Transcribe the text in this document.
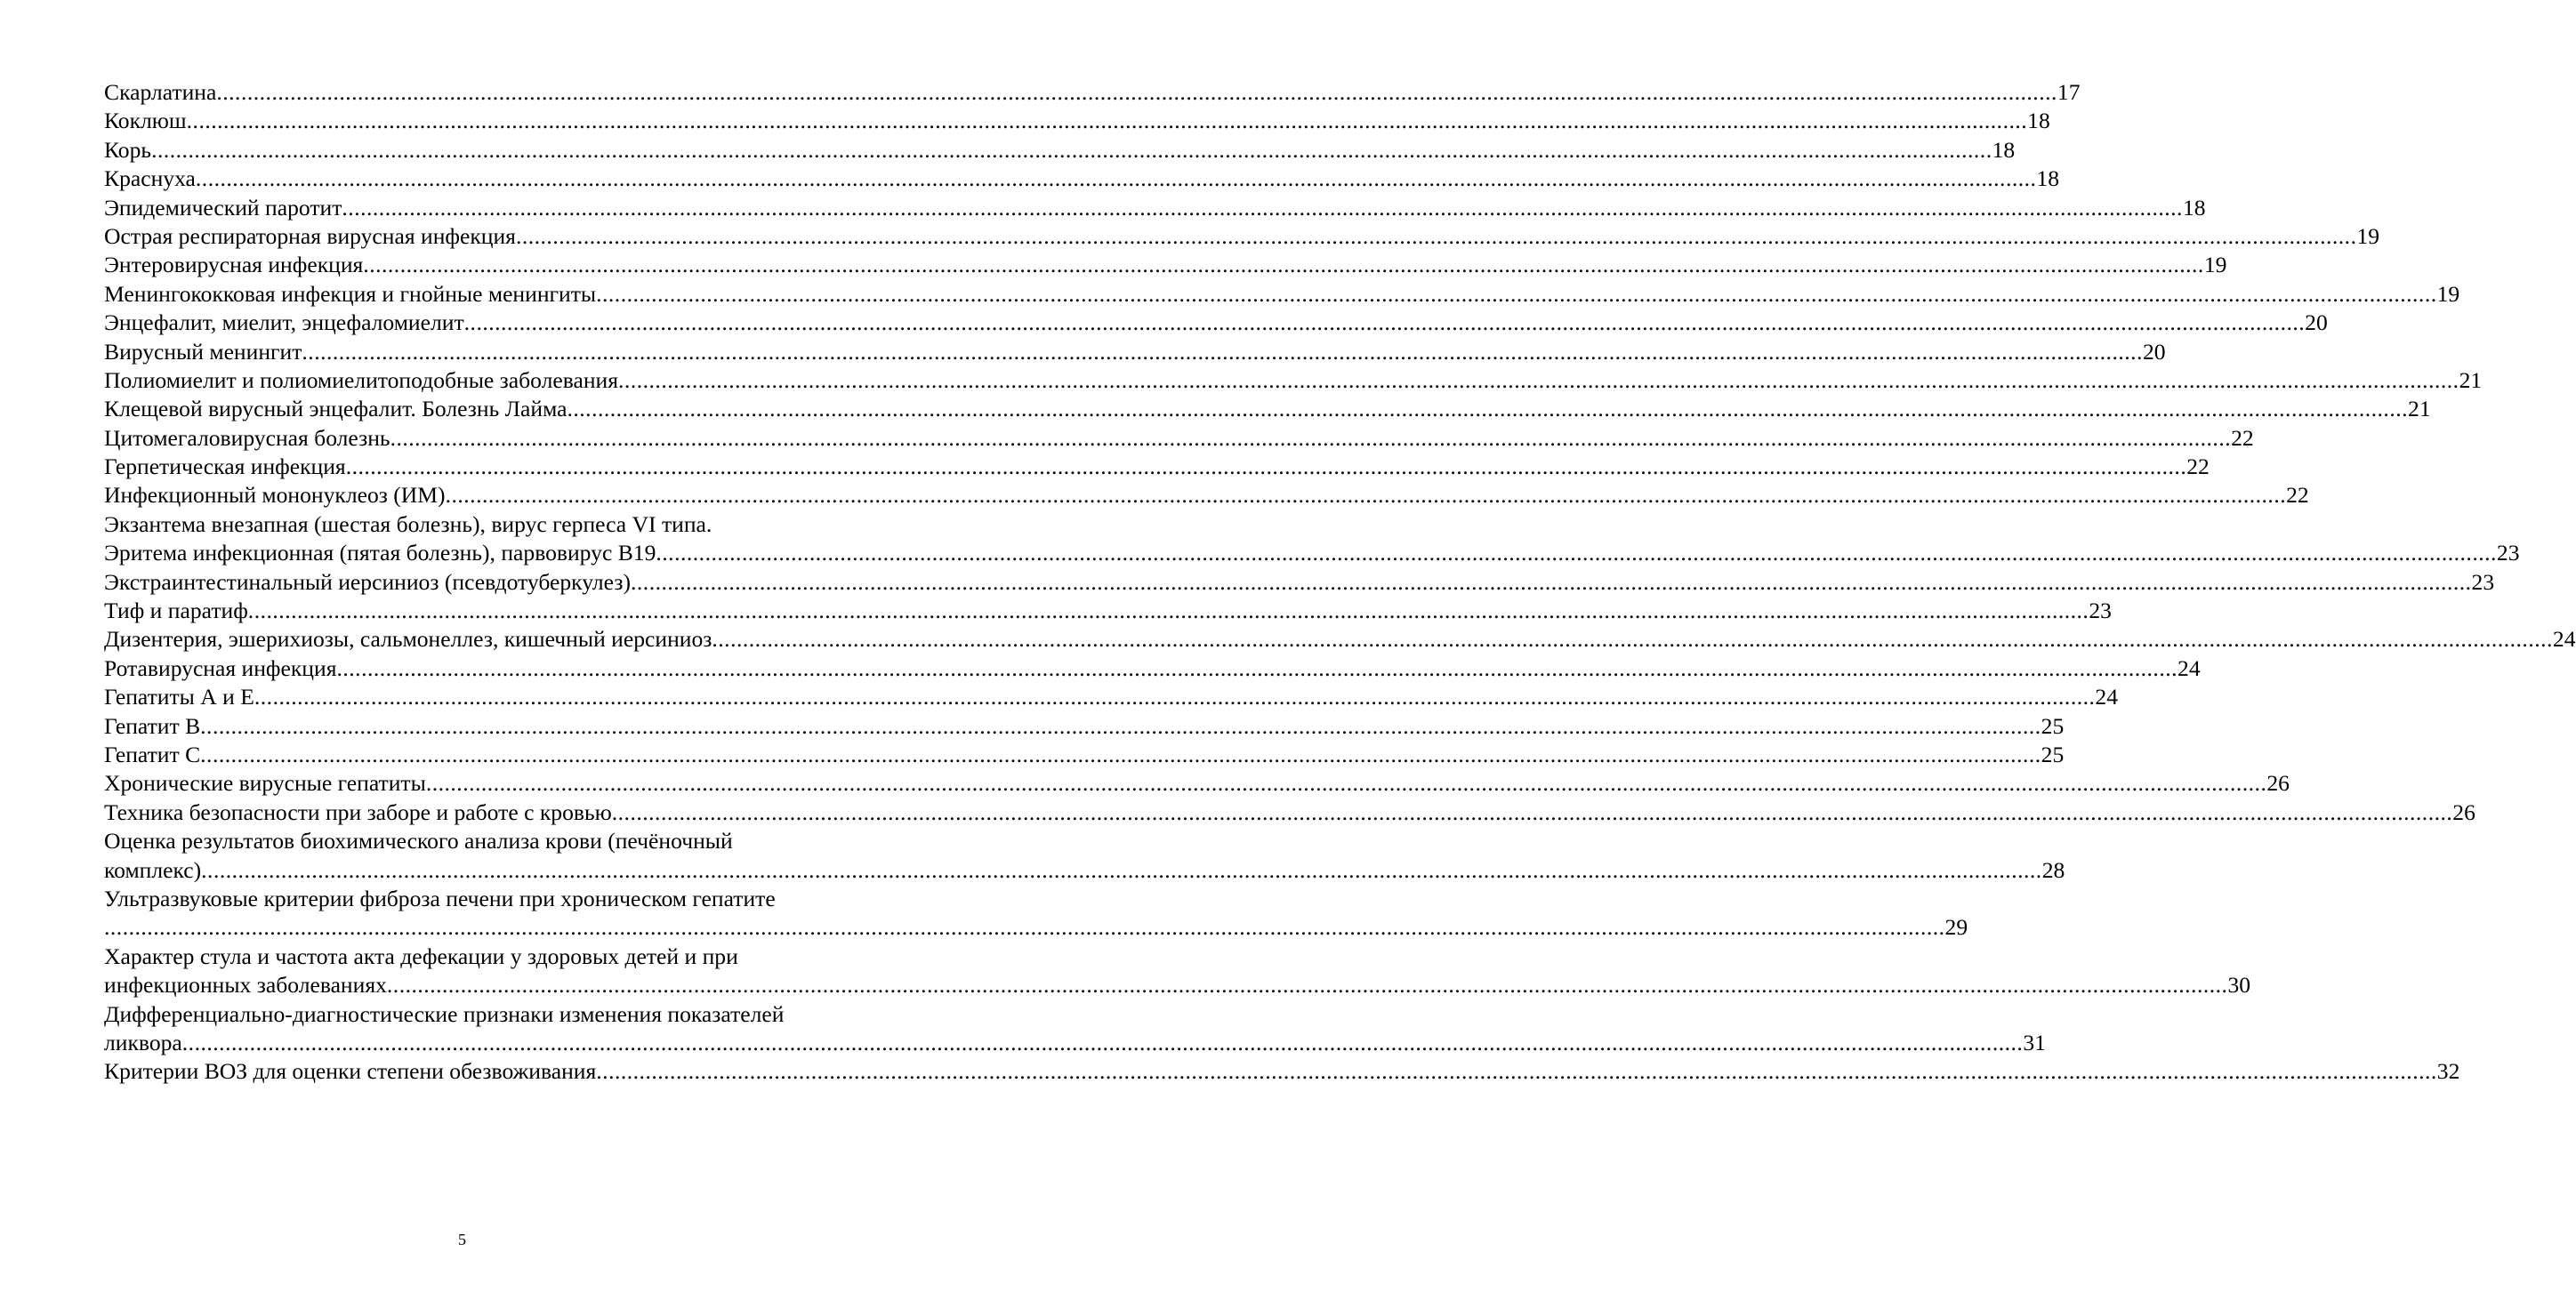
Скарлатина ............................................................................................................................................................................................................................................................................................................ 17
Коклюш ............................................................................................................................................................................................................................................................................................................ 18
Корь ............................................................................................................................................................................................................................................................................................................ 18
Краснуха ............................................................................................................................................................................................................................................................................................................ 18
Эпидемический паротит ............................................................................................................................................................................................................................................................................................................ 18
Острая респираторная вирусная инфекция ............................................................................................................................................................................................................................................................................................................ 19
Энтеровирусная инфекция ............................................................................................................................................................................................................................................................................................................ 19
Менингококковая инфекция и гнойные менингиты ............................................................................................................................................................................................................................................................................................................ 19
Энцефалит, миелит, энцефаломиелит ............................................................................................................................................................................................................................................................................................................ 20
Вирусный менингит ............................................................................................................................................................................................................................................................................................................ 20
Полиомиелит и полиомиелитоподобные заболевания ............................................................................................................................................................................................................................................................................................................ 21
Клещевой вирусный энцефалит. Болезнь Лайма ............................................................................................................................................................................................................................................................................................................ 21
Цитомегаловирусная болезнь ............................................................................................................................................................................................................................................................................................................ 22
Герпетическая инфекция ............................................................................................................................................................................................................................................................................................................ 22
Инфекционный мононуклеоз (ИМ) ............................................................................................................................................................................................................................................................................................................ 22
Экзантема внезапная (шестая болезнь), вирус герпеса VI типа.
Эритема инфекционная (пятая болезнь), парвовирус В19 ............................................................................................................................................................................................................................................................................................................ 23
Экстраинтестинальный иерсиниоз (псевдотуберкулез) ............................................................................................................................................................................................................................................................................................................ 23
Тиф и паратиф ............................................................................................................................................................................................................................................................................................................ 23
Дизентерия, эшерихиозы, сальмонеллез, кишечный иерсиниоз ............................................................................................................................................................................................................................................................................................................ 24
Ротавирусная инфекция ............................................................................................................................................................................................................................................................................................................ 24
Гепатиты А и Е ............................................................................................................................................................................................................................................................................................................ 24
Гепатит В ............................................................................................................................................................................................................................................................................................................ 25
Гепатит С ............................................................................................................................................................................................................................................................................................................ 25
Хронические вирусные гепатиты ............................................................................................................................................................................................................................................................................................................ 26
Техника безопасности при заборе и работе с кровью ............................................................................................................................................................................................................................................................................................................ 26
Оценка результатов биохимического анализа крови (печёночный
комплекс) ............................................................................................................................................................................................................................................................................................................ 28
Ультразвуковые критерии фиброза печени при хроническом гепатите
............................................................................................................................................................................................................................................................................................................ 29
Характер стула и частота акта дефекации у здоровых детей и при
инфекционных заболеваниях ............................................................................................................................................................................................................................................................................................................ 30
Дифференциально-диагностические признаки изменения показателей
ликвора ............................................................................................................................................................................................................................................................................................................ 31
Критерии ВОЗ для оценки степени обезвоживания ............................................................................................................................................................................................................................................................................................................ 32
5
